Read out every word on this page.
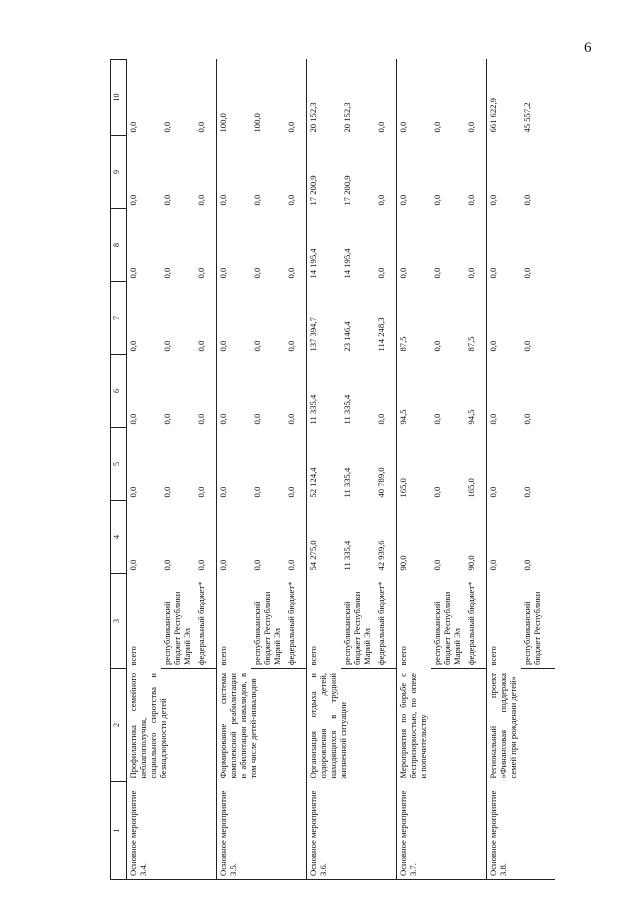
6
1	2	3	4	5	6	7	8	9	10
Основное мероприятие 3.4.	Профилактика семейного неблагополучия, социального сиротства и безнадзорности детей	всего	0,0	0,0	0,0	0,0	0,0	0,0	0,0
		республиканский бюджет Республики Марий Эл	0,0	0,0	0,0	0,0	0,0	0,0	0,0
		федеральный бюджет*	0,0	0,0	0,0	0,0	0,0	0,0	0,0
Основное мероприятие 3.5.	Формирование системы комплексной реабилитации и абилитации инвалидов, в том числе детей-инвалидов	всего	0,0	0,0	0,0	0,0	0,0	0,0	100,0
		республиканский бюджет Республики Марий Эл	0,0	0,0	0,0	0,0	0,0	0,0	100,0
		федеральный бюджет*	0,0	0,0	0,0	0,0	0,0	0,0	0,0
Основное мероприятие 3.6.	Организация отдыха и оздоровления детей, находящихся в трудной жизненной ситуации	всего	54 275,0	52 124,4	11 335,4	137 394,7	14 195,4	17 200,9	20 152,3
		республиканский бюджет Республики Марий Эл	11 335,4	11 335,4	11 335,4	23 146,4	14 195,4	17 200,9	20 152,3
		федеральный бюджет*	42 939,6	40 789,0	0,0	114 248,3	0,0	0,0	0,0
Основное мероприятие 3.7.	Мероприятия по борьбе с беспризорностью, по опеке и попечительству	всего	90,0	165,0	94,5	87,5	0,0	0,0	0,0
		республиканский бюджет Республики Марий Эл	0,0	0,0	0,0	0,0	0,0	0,0	0,0
		федеральный бюджет*	90,0	165,0	94,5	87,5	0,0	0,0	0,0
Основное мероприятие 3.8.	Региональный проект «Финансовая поддержка семей при рождении детей»	всего	0,0	0,0	0,0	0,0	0,0	0,0	661 622,9
		республиканский бюджет Республики	0,0	0,0	0,0	0,0	0,0	0,0	45 557,2
